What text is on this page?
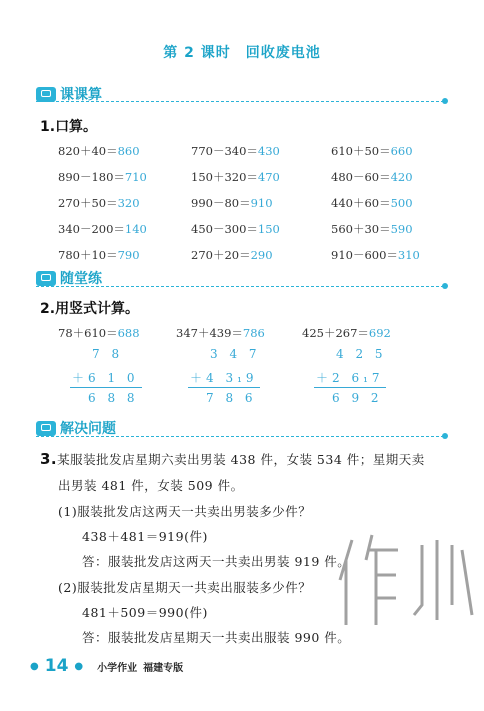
第 2 课时　回收废电池
课课算
1.口算。
820＋40＝860	770－340＝430	610＋50＝660
890－180＝710	150＋320＝470	480－60＝420
270＋50＝320	990－80＝910	440＋60＝500
340－200＝140	450－300＝150	560＋30＝590
780＋10＝790	270＋20＝290	910－600＝310
随堂练
2.用竖式计算。
78＋610＝688
7 8
＋6 1 0
6 8 8
347＋439＝786
3 4 7
＋4 3₁9
7 8 6
425＋267＝692
4 2 5
＋2 6₁7
6 9 2
解决问题
3.某服装批发店星期六卖出男装 438 件，女装 534 件；星期天卖
出男装 481 件，女装 509 件。
(1)服装批发店这两天一共卖出男装多少件？
438＋481＝919(件)
答：服装批发店这两天一共卖出男装 919 件。
(2)服装批发店星期天一共卖出服装多少件？
481＋509＝990(件)
答：服装批发店星期天一共卖出服装 990 件。
● 14 ● 小学作业 福建专版
